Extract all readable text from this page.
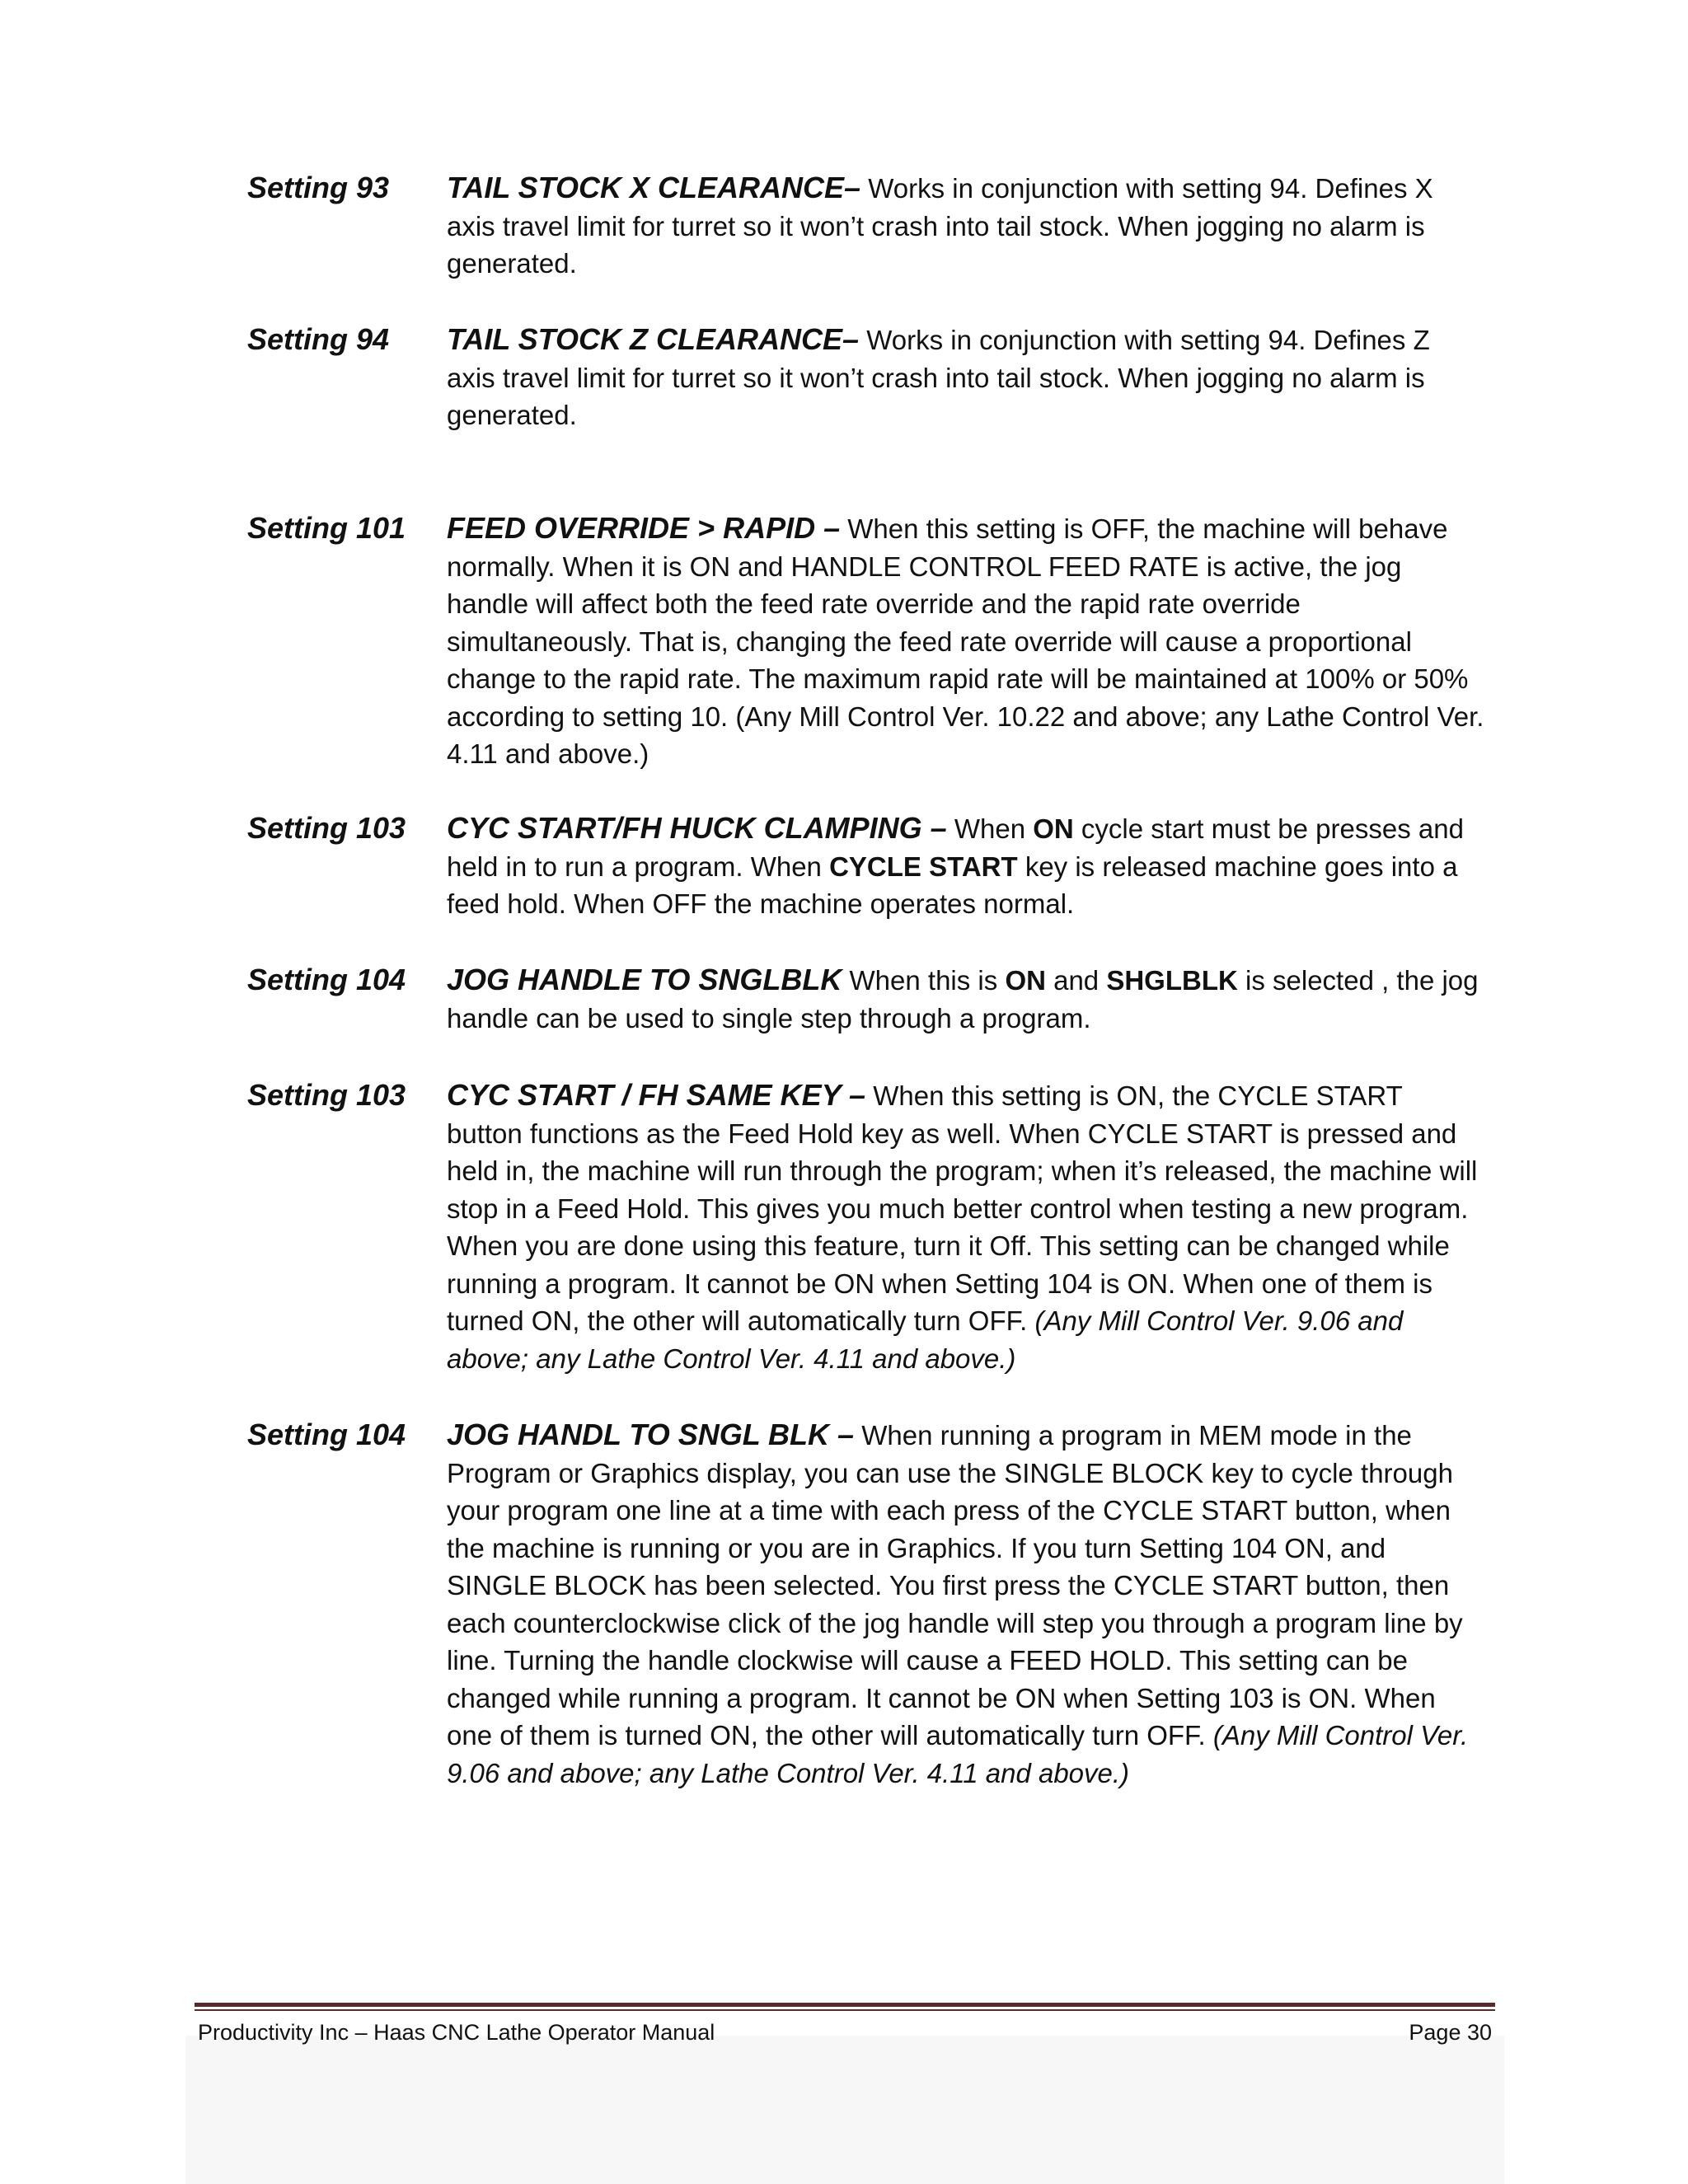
Setting 93 TAIL STOCK X CLEARANCE– Works in conjunction with setting 94. Defines X axis travel limit for turret so it won’t crash into tail stock. When jogging no alarm is generated.
Setting 94 TAIL STOCK Z CLEARANCE– Works in conjunction with setting 94. Defines Z axis travel limit for turret so it won’t crash into tail stock. When jogging no alarm is generated.
Setting 101 FEED OVERRIDE > RAPID – When this setting is OFF, the machine will behave normally. When it is ON and HANDLE CONTROL FEED RATE is active, the jog handle will affect both the feed rate override and the rapid rate override simultaneously. That is, changing the feed rate override will cause a proportional change to the rapid rate. The maximum rapid rate will be maintained at 100% or 50% according to setting 10. (Any Mill Control Ver. 10.22 and above; any Lathe Control Ver. 4.11 and above.)
Setting 103 CYC START/FH HUCK CLAMPING – When ON cycle start must be presses and held in to run a program. When CYCLE START key is released machine goes into a feed hold. When OFF the machine operates normal.
Setting 104 JOG HANDLE TO SNGLBLK When this is ON and SHGLBLK is selected , the jog handle can be used to single step through a program.
Setting 103 CYC START / FH SAME KEY – When this setting is ON, the CYCLE START button functions as the Feed Hold key as well. When CYCLE START is pressed and held in, the machine will run through the program; when it’s released, the machine will stop in a Feed Hold. This gives you much better control when testing a new program. When you are done using this feature, turn it Off. This setting can be changed while running a program. It cannot be ON when Setting 104 is ON. When one of them is turned ON, the other will automatically turn OFF. (Any Mill Control Ver. 9.06 and above; any Lathe Control Ver. 4.11 and above.)
Setting 104 JOG HANDL TO SNGL BLK – When running a program in MEM mode in the Program or Graphics display, you can use the SINGLE BLOCK key to cycle through your program one line at a time with each press of the CYCLE START button, when the machine is running or you are in Graphics. If you turn Setting 104 ON, and SINGLE BLOCK has been selected. You first press the CYCLE START button, then each counterclockwise click of the jog handle will step you through a program line by line. Turning the handle clockwise will cause a FEED HOLD. This setting can be changed while running a program. It cannot be ON when Setting 103 is ON. When one of them is turned ON, the other will automatically turn OFF. (Any Mill Control Ver. 9.06 and above; any Lathe Control Ver. 4.11 and above.)
Productivity Inc – Haas CNC Lathe Operator Manual	Page 30
